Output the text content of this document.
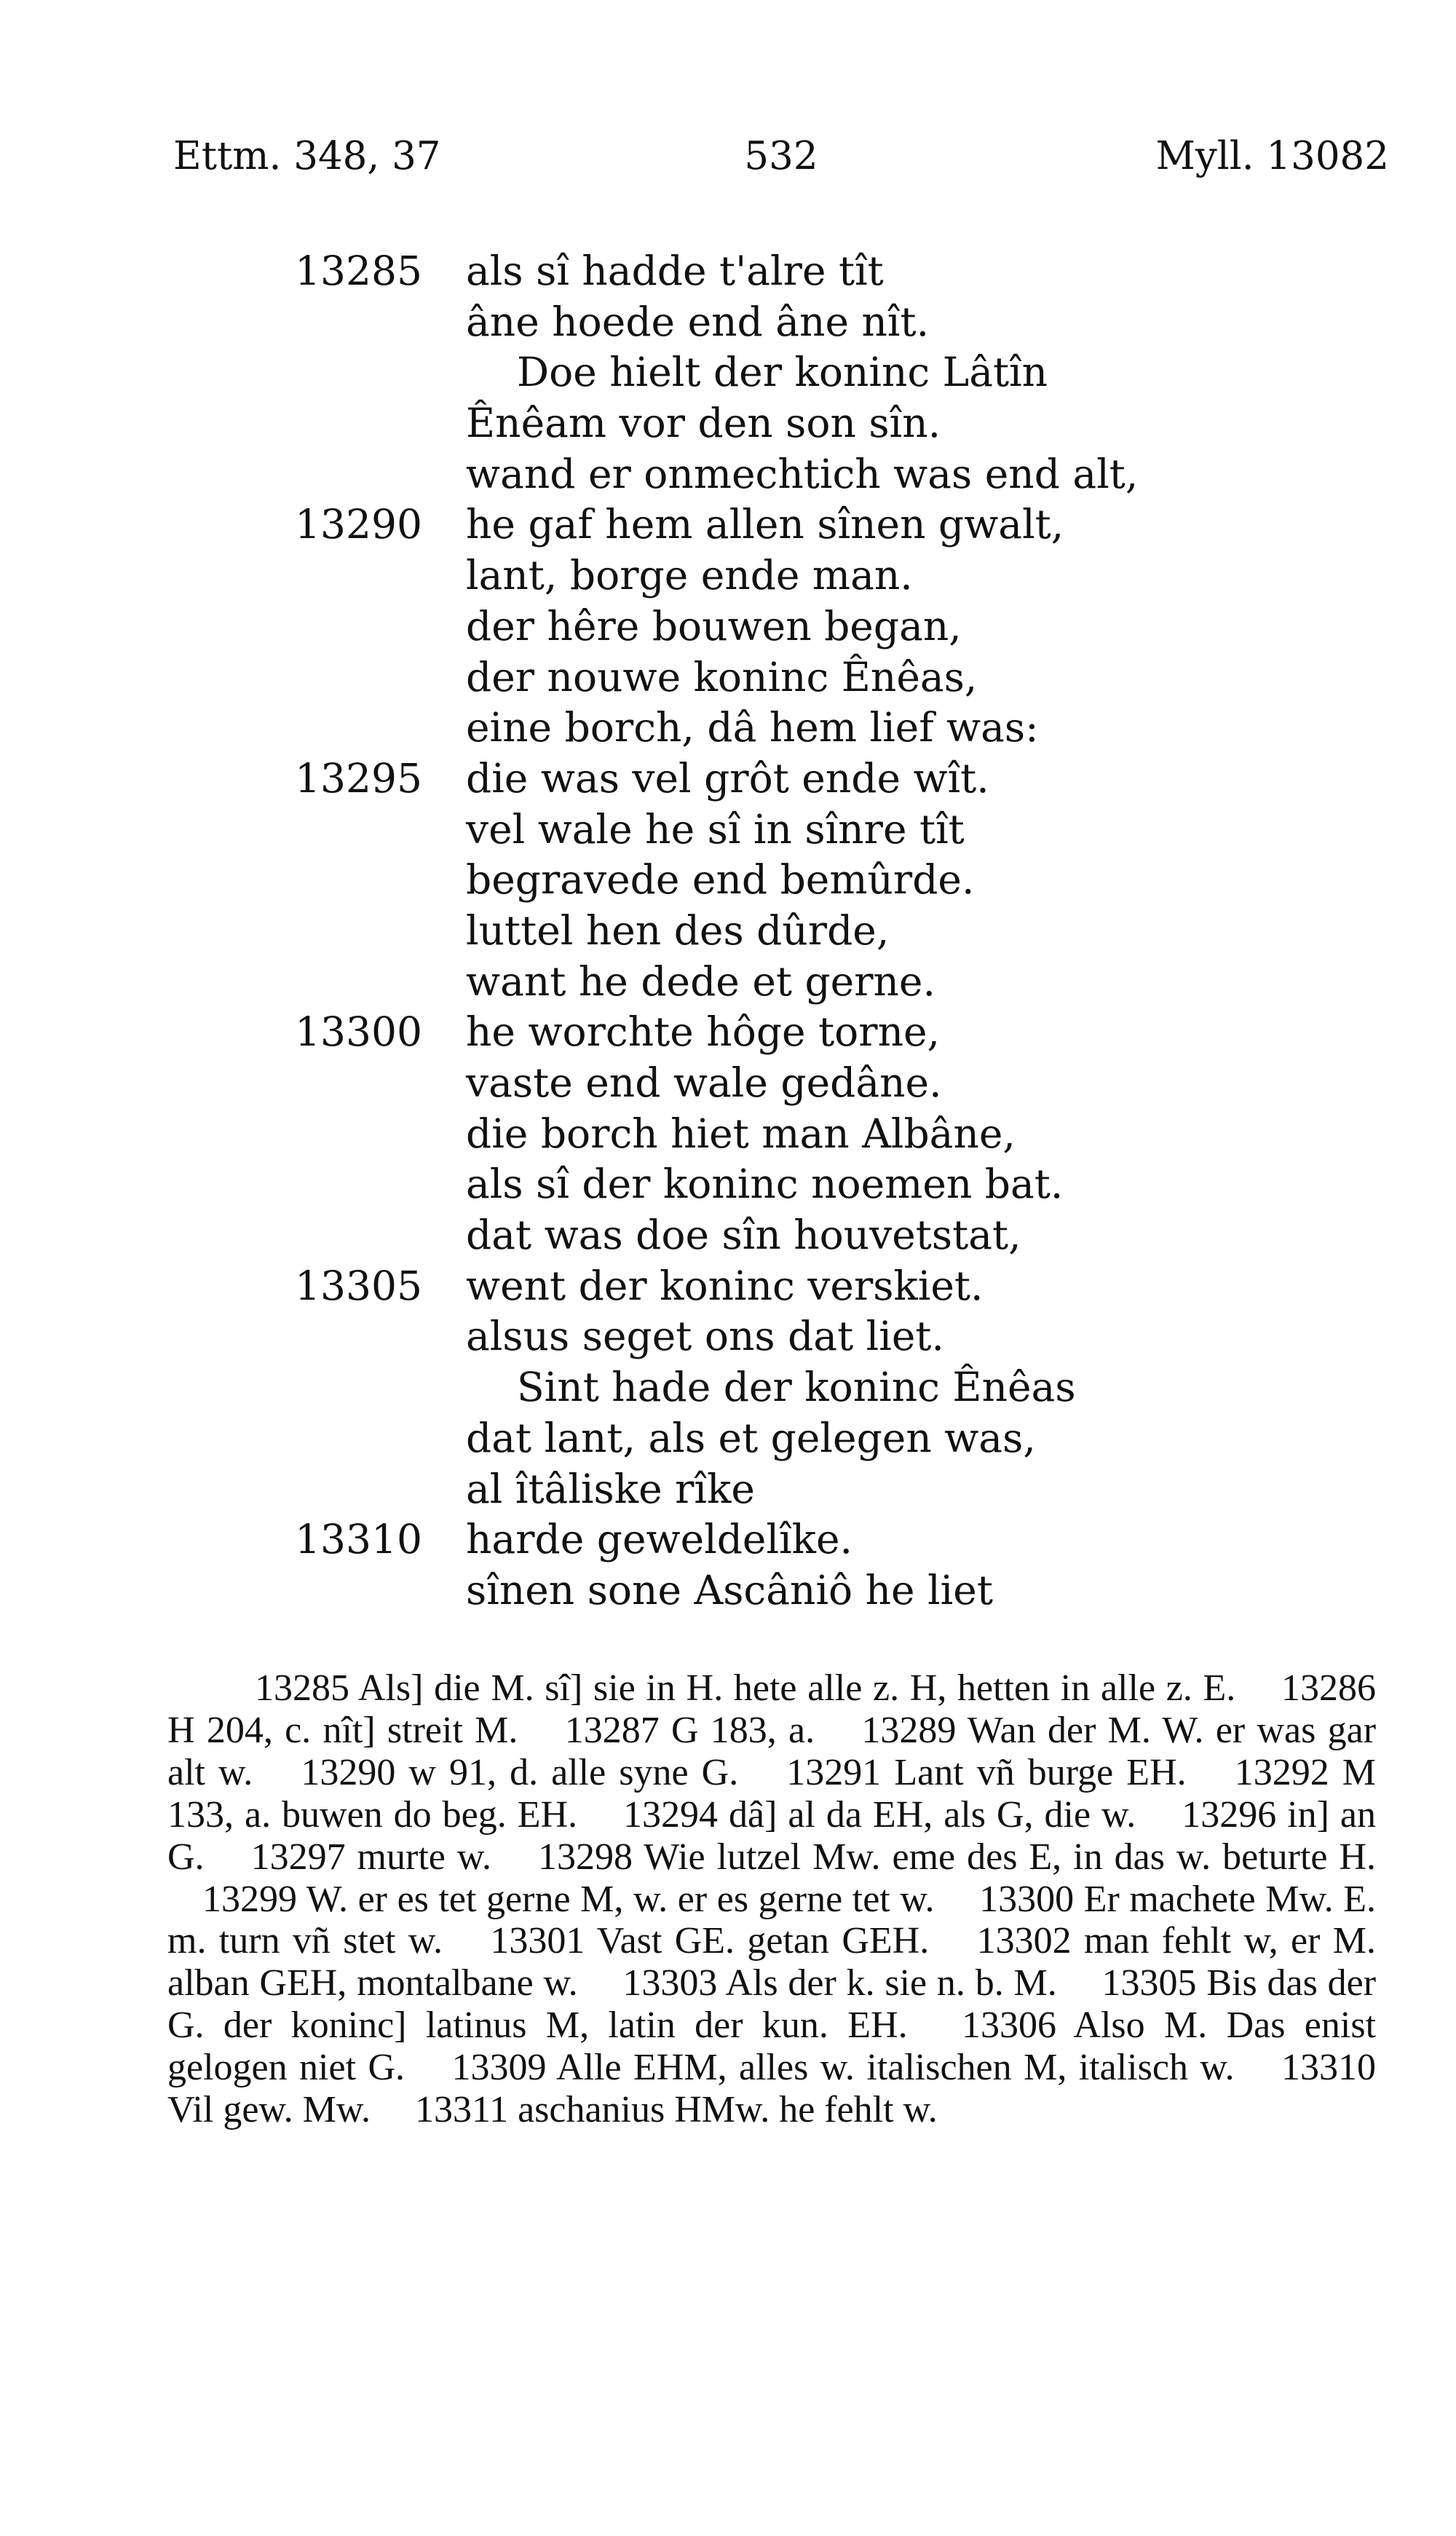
Ettm. 348, 37	532	Myll. 13082
13285 als sî hadde t'alre tît
âne hoede end âne nît.
Doe hielt der koninc Lâtîn
Ênêam vor den son sîn.
wand er onmechtich was end alt,
13290 he gaf hem allen sînen gwalt,
lant, borge ende man.
der hêre bouwen began,
der nouwe koninc Ênêas,
eine borch, dâ hem lief was:
13295 die was vel grôt ende wît.
vel wale he sî in sînre tît
begravede end bemûrde.
luttel hen des dûrde,
want he dede et gerne.
13300 he worchte hôge torne,
vaste end wale gedâne.
die borch hiet man Albâne,
als sî der koninc noemen bat.
dat was doe sîn houvetstat,
13305 went der koninc verskiet.
alsus seget ons dat liet.
Sint hade der koninc Ênêas
dat lant, als et gelegen was,
al îtâliske rîke
13310 harde geweldelîke.
sînen sone Ascâniô he liet
13285 Als] die M. sî] sie in H. hete alle z. H, hetten in alle z. E. 13286 H 204, c. nît] streit M. 13287 G 183, a. 13289 Wan der M. W. er was gar alt w. 13290 w 91, d. alle syne G. 13291 Lant vñ burge EH. 13292 M 133, a. buwen do beg. EH. 13294 dâ] al da EH, als G, die w. 13296 in] an G. 13297 murte w. 13298 Wie lutzel Mw. eme des E, in das w. beturte H. 13299 W. er es tet gerne M, w. er es gerne tet w. 13300 Er machete Mw. E. m. turn vñ stet w. 13301 Vast GE. getan GEH. 13302 man fehlt w, er M. alban GEH, montalbane w. 13303 Als der k. sie n. b. M. 13305 Bis das der G. der koninc] latinus M, latin der kun. EH. 13306 Also M. Das enist gelogen niet G. 13309 Alle EHM, alles w. italischen M, italisch w. 13310 Vil gew. Mw. 13311 aschanius HMw. he fehlt w.
